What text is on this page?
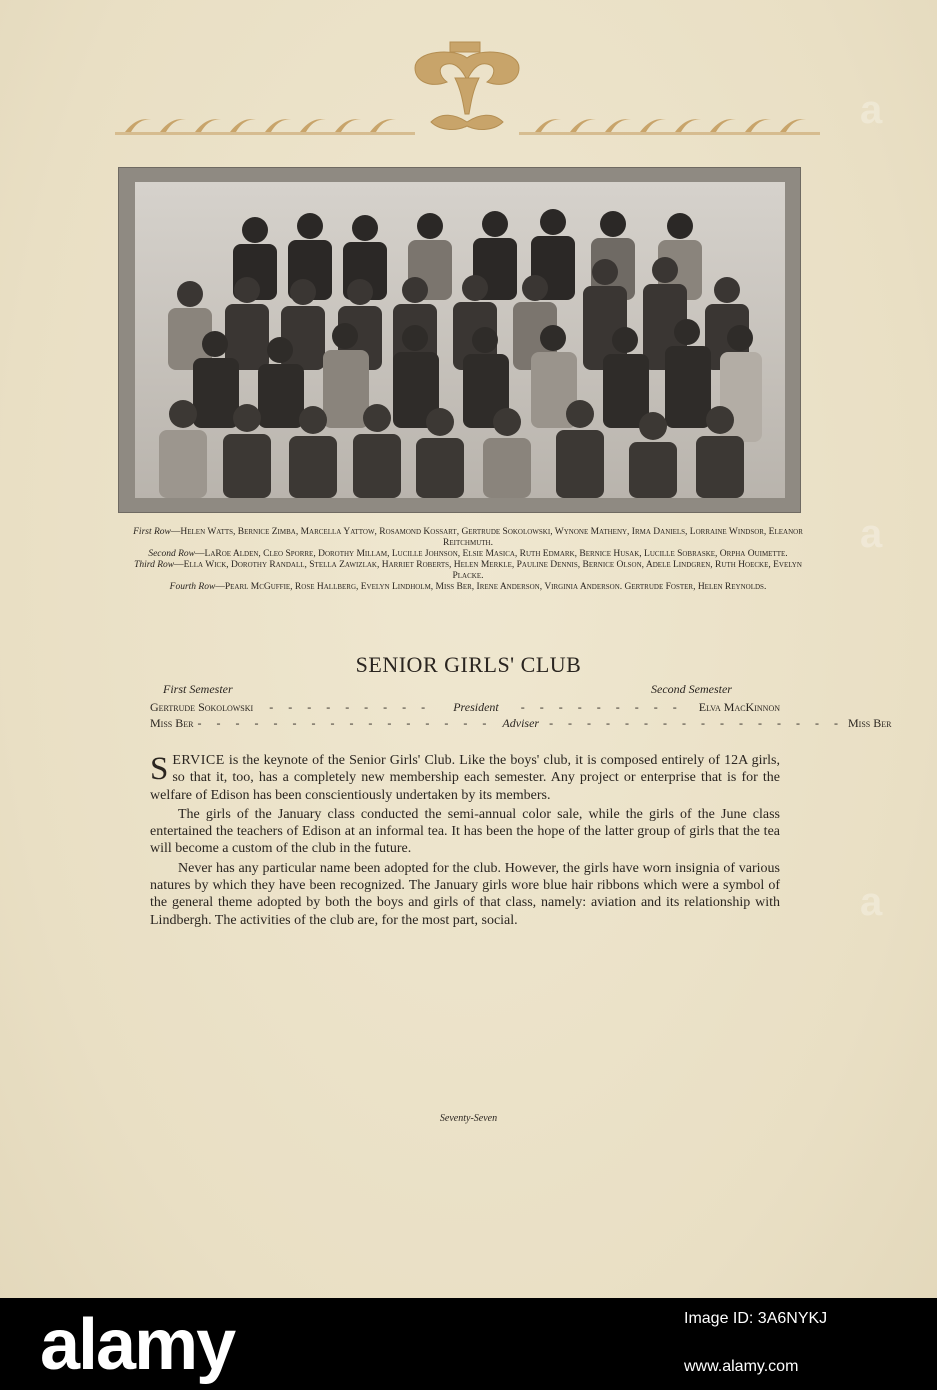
First Row—Helen Watts, Bernice Zimba, Marcella Yattow, Rosamond Kossart, Gertrude Sokolowski, Wynone Matheny, Irma Daniels, Lorraine Windsor, Eleanor Reitchmuth.
Second Row—LaRoe Alden, Cleo Sporre, Dorothy Millam, Lucille Johnson, Elsie Masica, Ruth Edmark, Bernice Husak, Lucille Sobraske, Orpha Ouimette.
Third Row—Ella Wick, Dorothy Randall, Stella Zawizlak, Harriet Roberts, Helen Merkle, Pauline Dennis, Bernice Olson, Adele Lindgren, Ruth Hoecke, Evelyn Placke.
Fourth Row—Pearl McGuffie, Rose Hallberg, Evelyn Lindholm, Miss Ber, Irene Anderson, Virginia Anderson. Gertrude Foster, Helen Reynolds.
SENIOR GIRLS' CLUB
First Semester	Second Semester
Gertrude Sokolowski	- - - - - - - - -	President	- - - - - - - - -	Elva MacKinnon
Miss Ber - - - - - - - - - - - - - - - - Adviser - - - - - - - - - - - - - - - - Miss Ber

SERVICE is the keynote of the Senior Girls' Club. Like the boys' club, it is composed entirely of 12A girls, so that it, too, has a completely new membership each semester. Any project or enterprise that is for the welfare of Edison has been conscientiously undertaken by its members.

The girls of the January class conducted the semi-annual color sale, while the girls of the June class entertained the teachers of Edison at an informal tea. It has been the hope of the latter group of girls that the tea will become a custom of the club in the future.

Never has any particular name been adopted for the club. However, the girls have worn insignia of various natures by which they have been recognized. The January girls wore blue hair ribbons which were a symbol of the general theme adopted by both the boys and girls of that class, namely: aviation and its relationship with Lindbergh. The activities of the club are, for the most part, social.

Seventy-Seven
a
a
a
alamy	Image ID: 3A6NYKJ
www.alamy.com
